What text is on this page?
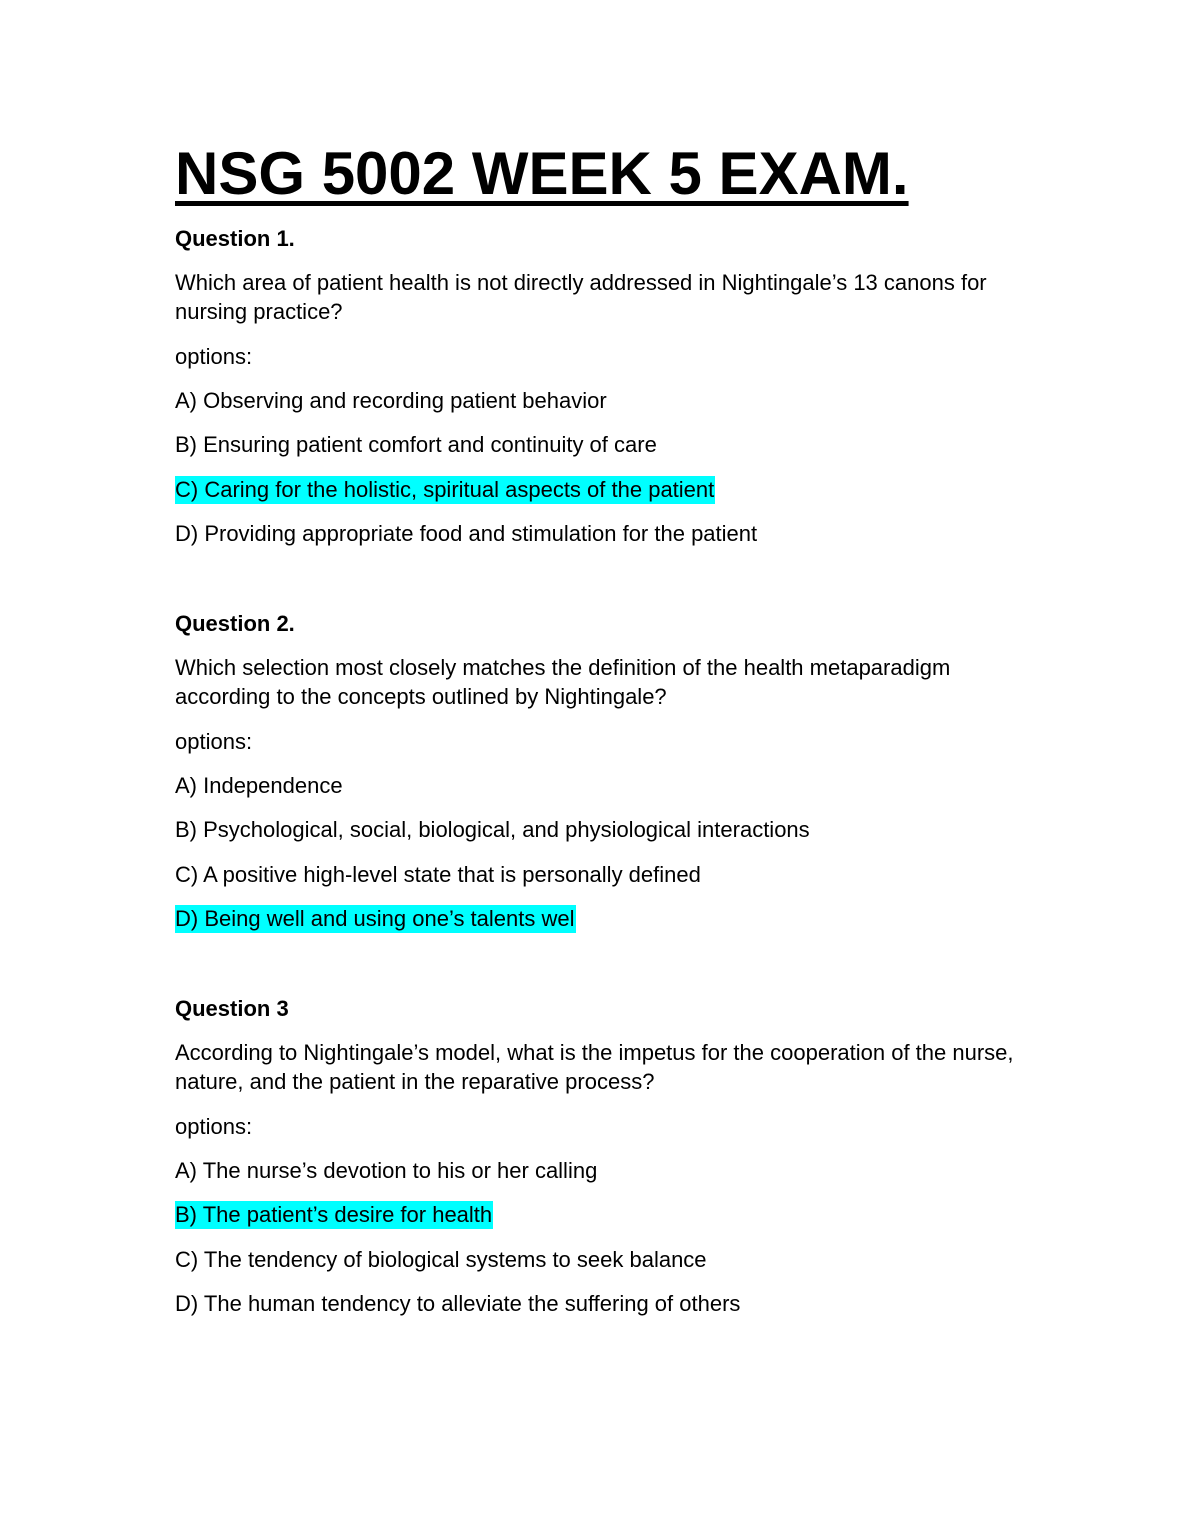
NSG 5002 WEEK 5 EXAM.

Question 1.

Which area of patient health is not directly addressed in Nightingale’s 13 canons for nursing practice?

options:

A) Observing and recording patient behavior

B) Ensuring patient comfort and continuity of care

C) Caring for the holistic, spiritual aspects of the patient

D) Providing appropriate food and stimulation for the patient

Question 2.

Which selection most closely matches the definition of the health metaparadigm according to the concepts outlined by Nightingale?

options:

A) Independence

B) Psychological, social, biological, and physiological interactions

C) A positive high-level state that is personally defined

D) Being well and using one’s talents wel

Question 3

According to Nightingale’s model, what is the impetus for the cooperation of the nurse, nature, and the patient in the reparative process?

options:

A) The nurse’s devotion to his or her calling

B) The patient’s desire for health

C) The tendency of biological systems to seek balance

D) The human tendency to alleviate the suffering of others
